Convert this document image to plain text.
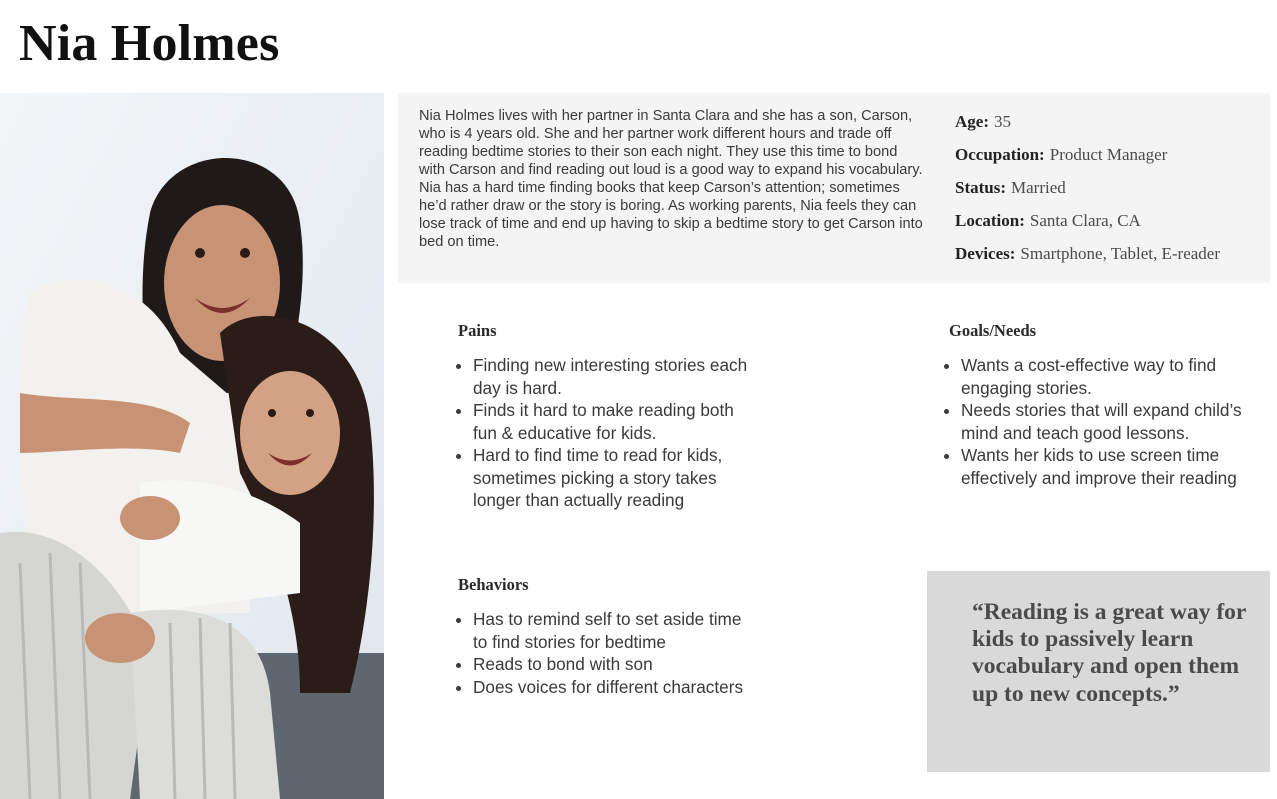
Nia Holmes

Nia Holmes lives with her partner in Santa Clara and she has a son, Carson, who is 4 years old. She and her partner work different hours and trade off reading bedtime stories to their son each night. They use this time to bond with Carson and find reading out loud is a good way to expand his vocabulary. Nia has a hard time finding books that keep Carson’s attention; sometimes he’d rather draw or the story is boring. As working parents, Nia feels they can lose track of time and end up having to skip a bedtime story to get Carson into bed on time.

Age: 35
Occupation: Product Manager
Status: Married
Location: Santa Clara, CA
Devices: Smartphone, Tablet, E-reader
Pains
• Finding new interesting stories each day is hard.
• Finds it hard to make reading both fun & educative for kids.
• Hard to find time to read for kids, sometimes picking a story takes longer than actually reading
Goals/Needs
• Wants a cost-effective way to find engaging stories.
• Needs stories that will expand child’s mind and teach good lessons.
• Wants her kids to use screen time effectively and improve their reading
Behaviors
• Has to remind self to set aside time to find stories for bedtime
• Reads to bond with son
• Does voices for different characters

“Reading is a great way for kids to passively learn vocabulary and open them up to new concepts.”
